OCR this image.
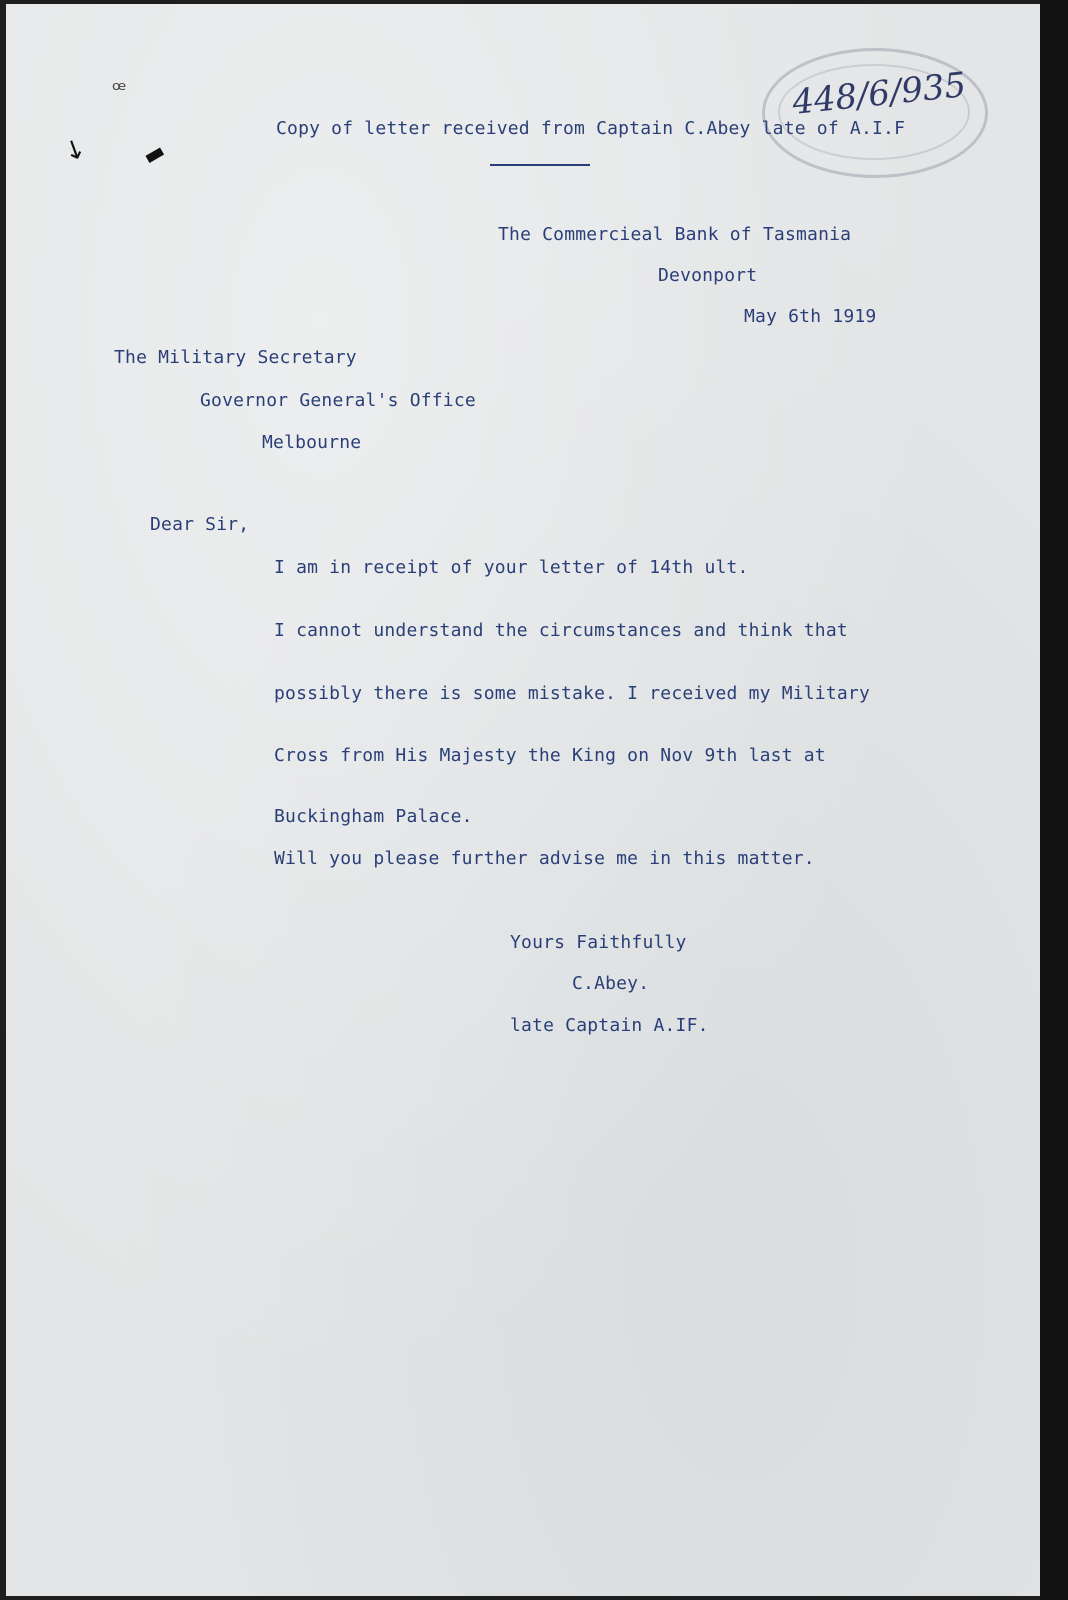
448/6/935
ꟹ
↓ ▬
Copy of letter received from Captain C.Abey late of A.I.F
The Commercieal Bank of Tasmania
Devonport
May 6th 1919
The Military Secretary
Governor General's Office
Melbourne
Dear Sir,
I am in receipt of your letter of 14th ult.
I cannot understand the circumstances and think that
possibly there is some mistake. I received my Military
Cross from His Majesty the King on Nov 9th last at
Buckingham Palace.
Will you please further advise me in this matter.
Yours Faithfully
C.Abey.
late Captain A.IF.
